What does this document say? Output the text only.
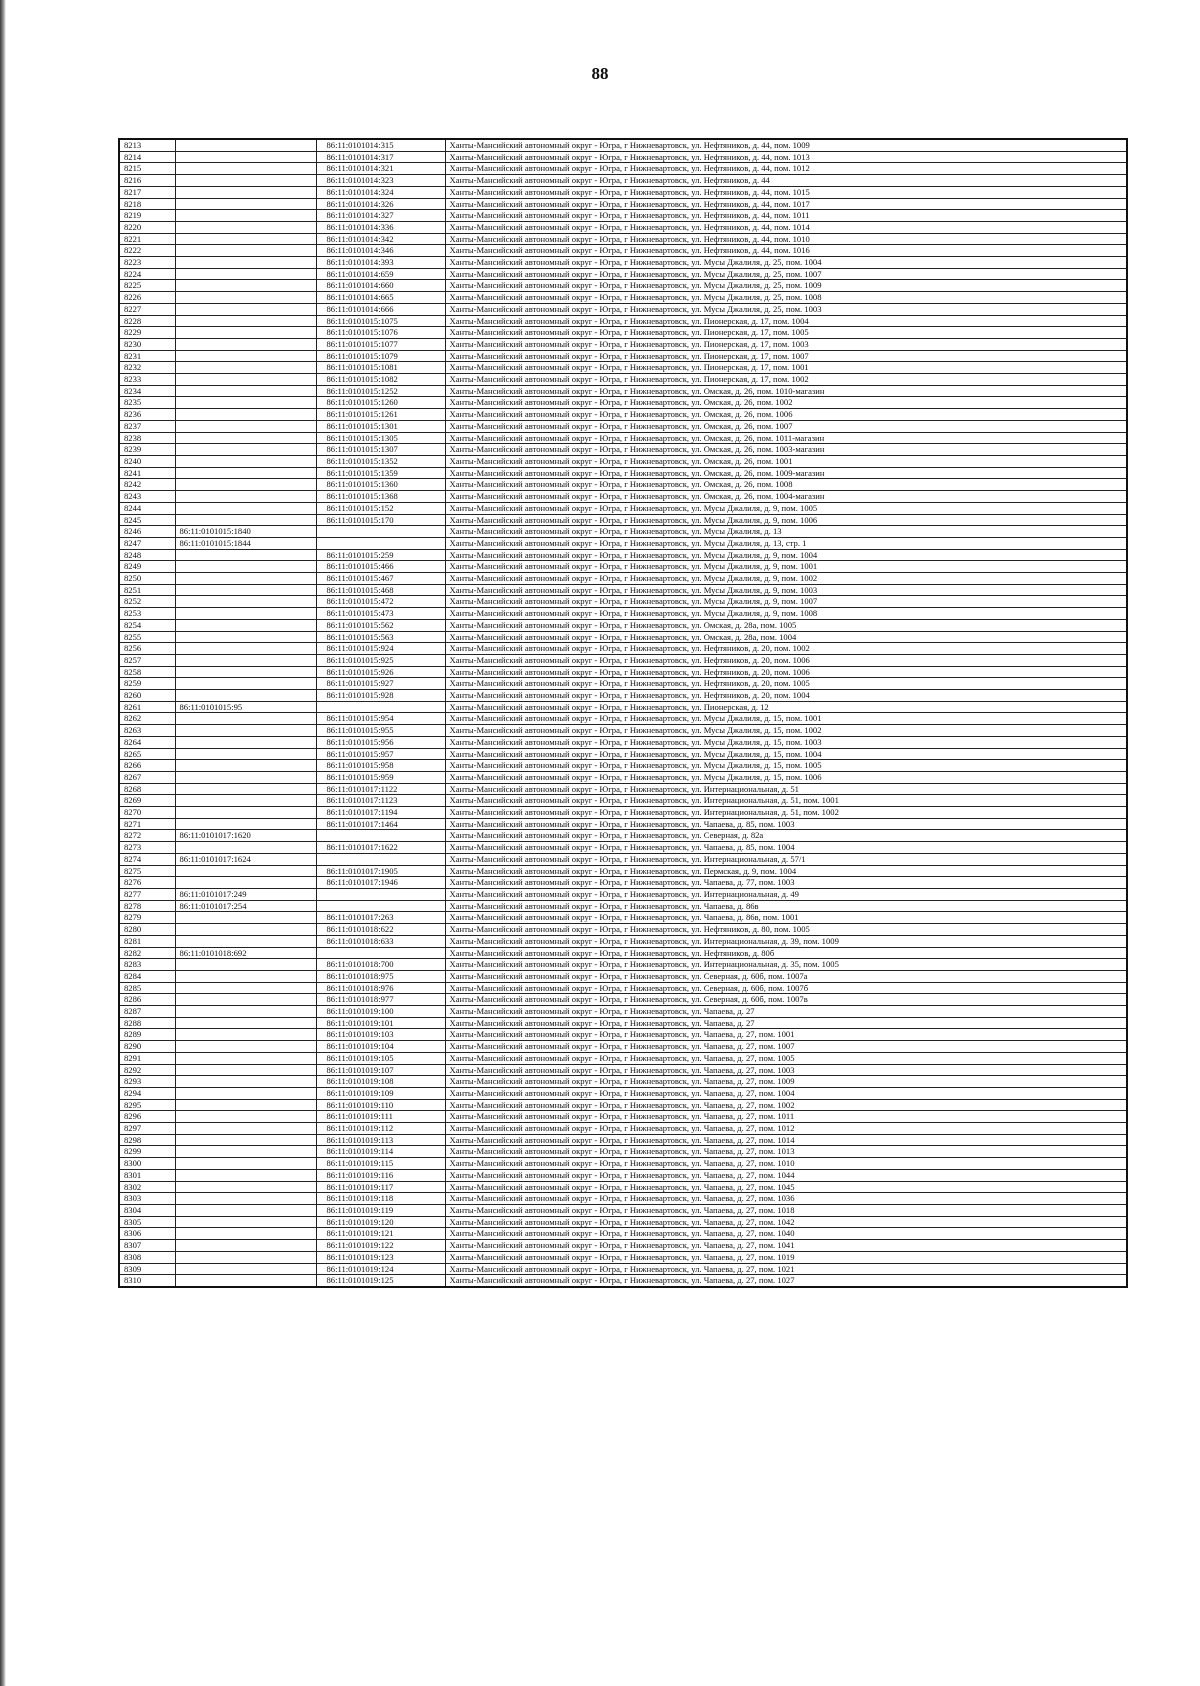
88
8213		86:11:0101014:315	Ханты-Мансийский автономный округ - Югра, г Нижневартовск, ул. Нефтяников, д. 44, пом. 1009
8214		86:11:0101014:317	Ханты-Мансийский автономный округ - Югра, г Нижневартовск, ул. Нефтяников, д. 44, пом. 1013
8215		86:11:0101014:321	Ханты-Мансийский автономный округ - Югра, г Нижневартовск, ул. Нефтяников, д. 44, пом. 1012
8216		86:11:0101014:323	Ханты-Мансийский автономный округ - Югра, г Нижневартовск, ул. Нефтяников, д. 44
8217		86:11:0101014:324	Ханты-Мансийский автономный округ - Югра, г Нижневартовск, ул. Нефтяников, д. 44, пом. 1015
8218		86:11:0101014:326	Ханты-Мансийский автономный округ - Югра, г Нижневартовск, ул. Нефтяников, д. 44, пом. 1017
8219		86:11:0101014:327	Ханты-Мансийский автономный округ - Югра, г Нижневартовск, ул. Нефтяников, д. 44, пом. 1011
8220		86:11:0101014:336	Ханты-Мансийский автономный округ - Югра, г Нижневартовск, ул. Нефтяников, д. 44, пом. 1014
8221		86:11:0101014:342	Ханты-Мансийский автономный округ - Югра, г Нижневартовск, ул. Нефтяников, д. 44, пом. 1010
8222		86:11:0101014:346	Ханты-Мансийский автономный округ - Югра, г Нижневартовск, ул. Нефтяников, д. 44, пом. 1016
8223		86:11:0101014:393	Ханты-Мансийский автономный округ - Югра, г Нижневартовск, ул. Мусы Джалиля, д. 25, пом. 1004
8224		86:11:0101014:659	Ханты-Мансийский автономный округ - Югра, г Нижневартовск, ул. Мусы Джалиля, д. 25, пом. 1007
8225		86:11:0101014:660	Ханты-Мансийский автономный округ - Югра, г Нижневартовск, ул. Мусы Джалиля, д. 25, пом. 1009
8226		86:11:0101014:665	Ханты-Мансийский автономный округ - Югра, г Нижневартовск, ул. Мусы Джалиля, д. 25, пом. 1008
8227		86:11:0101014:666	Ханты-Мансийский автономный округ - Югра, г Нижневартовск, ул. Мусы Джалиля, д. 25, пом. 1003
8228		86:11:0101015:1075	Ханты-Мансийский автономный округ - Югра, г Нижневартовск, ул. Пионерская, д. 17, пом. 1004
8229		86:11:0101015:1076	Ханты-Мансийский автономный округ - Югра, г Нижневартовск, ул. Пионерская, д. 17, пом. 1005
8230		86:11:0101015:1077	Ханты-Мансийский автономный округ - Югра, г Нижневартовск, ул. Пионерская, д. 17, пом. 1003
8231		86:11:0101015:1079	Ханты-Мансийский автономный округ - Югра, г Нижневартовск, ул. Пионерская, д. 17, пом. 1007
8232		86:11:0101015:1081	Ханты-Мансийский автономный округ - Югра, г Нижневартовск, ул. Пионерская, д. 17, пом. 1001
8233		86:11:0101015:1082	Ханты-Мансийский автономный округ - Югра, г Нижневартовск, ул. Пионерская, д. 17, пом. 1002
8234		86:11:0101015:1252	Ханты-Мансийский автономный округ - Югра, г Нижневартовск, ул. Омская, д. 26, пом. 1010-магазин
8235		86:11:0101015:1260	Ханты-Мансийский автономный округ - Югра, г Нижневартовск, ул. Омская, д. 26, пом. 1002
8236		86:11:0101015:1261	Ханты-Мансийский автономный округ - Югра, г Нижневартовск, ул. Омская, д. 26, пом. 1006
8237		86:11:0101015:1301	Ханты-Мансийский автономный округ - Югра, г Нижневартовск, ул. Омская, д. 26, пом. 1007
8238		86:11:0101015:1305	Ханты-Мансийский автономный округ - Югра, г Нижневартовск, ул. Омская, д. 26, пом. 1011-магазин
8239		86:11:0101015:1307	Ханты-Мансийский автономный округ - Югра, г Нижневартовск, ул. Омская, д. 26, пом. 1003-магазин
8240		86:11:0101015:1352	Ханты-Мансийский автономный округ - Югра, г Нижневартовск, ул. Омская, д. 26, пом. 1001
8241		86:11:0101015:1359	Ханты-Мансийский автономный округ - Югра, г Нижневартовск, ул. Омская, д. 26, пом. 1009-магазин
8242		86:11:0101015:1360	Ханты-Мансийский автономный округ - Югра, г Нижневартовск, ул. Омская, д. 26, пом. 1008
8243		86:11:0101015:1368	Ханты-Мансийский автономный округ - Югра, г Нижневартовск, ул. Омская, д. 26, пом. 1004-магазин
8244		86:11:0101015:152	Ханты-Мансийский автономный округ - Югра, г Нижневартовск, ул. Мусы Джалиля, д. 9, пом. 1005
8245		86:11:0101015:170	Ханты-Мансийский автономный округ - Югра, г Нижневартовск, ул. Мусы Джалиля, д. 9, пом. 1006
8246	86:11:0101015:1840		Ханты-Мансийский автономный округ - Югра, г Нижневартовск, ул. Мусы Джалиля, д. 13
8247	86:11:0101015:1844		Ханты-Мансийский автономный округ - Югра, г Нижневартовск, ул. Мусы Джалиля, д. 13, стр. 1
8248		86:11:0101015:259	Ханты-Мансийский автономный округ - Югра, г Нижневартовск, ул. Мусы Джалиля, д. 9, пом. 1004
8249		86:11:0101015:466	Ханты-Мансийский автономный округ - Югра, г Нижневартовск, ул. Мусы Джалиля, д. 9, пом. 1001
8250		86:11:0101015:467	Ханты-Мансийский автономный округ - Югра, г Нижневартовск, ул. Мусы Джалиля, д. 9, пом. 1002
8251		86:11:0101015:468	Ханты-Мансийский автономный округ - Югра, г Нижневартовск, ул. Мусы Джалиля, д. 9, пом. 1003
8252		86:11:0101015:472	Ханты-Мансийский автономный округ - Югра, г Нижневартовск, ул. Мусы Джалиля, д. 9, пом. 1007
8253		86:11:0101015:473	Ханты-Мансийский автономный округ - Югра, г Нижневартовск, ул. Мусы Джалиля, д. 9, пом. 1008
8254		86:11:0101015:562	Ханты-Мансийский автономный округ - Югра, г Нижневартовск, ул. Омская, д. 28а, пом. 1005
8255		86:11:0101015:563	Ханты-Мансийский автономный округ - Югра, г Нижневартовск, ул. Омская, д. 28а, пом. 1004
8256		86:11:0101015:924	Ханты-Мансийский автономный округ - Югра, г Нижневартовск, ул. Нефтяников, д. 20, пом. 1002
8257		86:11:0101015:925	Ханты-Мансийский автономный округ - Югра, г Нижневартовск, ул. Нефтяников, д. 20, пом. 1006
8258		86:11:0101015:926	Ханты-Мансийский автономный округ - Югра, г Нижневартовск, ул. Нефтяников, д. 20, пом. 1006
8259		86:11:0101015:927	Ханты-Мансийский автономный округ - Югра, г Нижневартовск, ул. Нефтяников, д. 20, пом. 1005
8260		86:11:0101015:928	Ханты-Мансийский автономный округ - Югра, г Нижневартовск, ул. Нефтяников, д. 20, пом. 1004
8261	86:11:0101015:95		Ханты-Мансийский автономный округ - Югра, г Нижневартовск, ул. Пионерская, д. 12
8262		86:11:0101015:954	Ханты-Мансийский автономный округ - Югра, г Нижневартовск, ул. Мусы Джалиля, д. 15, пом. 1001
8263		86:11:0101015:955	Ханты-Мансийский автономный округ - Югра, г Нижневартовск, ул. Мусы Джалиля, д. 15, пом. 1002
8264		86:11:0101015:956	Ханты-Мансийский автономный округ - Югра, г Нижневартовск, ул. Мусы Джалиля, д. 15, пом. 1003
8265		86:11:0101015:957	Ханты-Мансийский автономный округ - Югра, г Нижневартовск, ул. Мусы Джалиля, д. 15, пом. 1004
8266		86:11:0101015:958	Ханты-Мансийский автономный округ - Югра, г Нижневартовск, ул. Мусы Джалиля, д. 15, пом. 1005
8267		86:11:0101015:959	Ханты-Мансийский автономный округ - Югра, г Нижневартовск, ул. Мусы Джалиля, д. 15, пом. 1006
8268		86:11:0101017:1122	Ханты-Мансийский автономный округ - Югра, г Нижневартовск, ул. Интернациональная, д. 51
8269		86:11:0101017:1123	Ханты-Мансийский автономный округ - Югра, г Нижневартовск, ул. Интернациональная, д. 51, пом. 1001
8270		86:11:0101017:1194	Ханты-Мансийский автономный округ - Югра, г Нижневартовск, ул. Интернациональная, д. 51, пом. 1002
8271		86:11:0101017:1464	Ханты-Мансийский автономный округ - Югра, г Нижневартовск, ул. Чапаева, д. 85, пом. 1003
8272	86:11:0101017:1620		Ханты-Мансийский автономный округ - Югра, г Нижневартовск, ул. Северная, д. 82а
8273		86:11:0101017:1622	Ханты-Мансийский автономный округ - Югра, г Нижневартовск, ул. Чапаева, д. 85, пом. 1004
8274	86:11:0101017:1624		Ханты-Мансийский автономный округ - Югра, г Нижневартовск, ул. Интернациональная, д. 57/1
8275		86:11:0101017:1905	Ханты-Мансийский автономный округ - Югра, г Нижневартовск, ул. Пермская, д. 9, пом. 1004
8276		86:11:0101017:1946	Ханты-Мансийский автономный округ - Югра, г Нижневартовск, ул. Чапаева, д. 77, пом. 1003
8277	86:11:0101017:249		Ханты-Мансийский автономный округ - Югра, г Нижневартовск, ул. Интернациональная, д. 49
8278	86:11:0101017:254		Ханты-Мансийский автономный округ - Югра, г Нижневартовск, ул. Чапаева, д. 86в
8279		86:11:0101017:263	Ханты-Мансийский автономный округ - Югра, г Нижневартовск, ул. Чапаева, д. 86в, пом. 1001
8280		86:11:0101018:622	Ханты-Мансийский автономный округ - Югра, г Нижневартовск, ул. Нефтяников, д. 80, пом. 1005
8281		86:11:0101018:633	Ханты-Мансийский автономный округ - Югра, г Нижневартовск, ул. Интернациональная, д. 39, пом. 1009
8282	86:11:0101018:692		Ханты-Мансийский автономный округ - Югра, г Нижневартовск, ул. Нефтяников, д. 80б
8283		86:11:0101018:700	Ханты-Мансийский автономный округ - Югра, г Нижневартовск, ул. Интернациональная, д. 35, пом. 1005
8284		86:11:0101018:975	Ханты-Мансийский автономный округ - Югра, г Нижневартовск, ул. Северная, д. 60б, пом. 1007а
8285		86:11:0101018:976	Ханты-Мансийский автономный округ - Югра, г Нижневартовск, ул. Северная, д. 60б, пом. 1007б
8286		86:11:0101018:977	Ханты-Мансийский автономный округ - Югра, г Нижневартовск, ул. Северная, д. 60б, пом. 1007в
8287		86:11:0101019:100	Ханты-Мансийский автономный округ - Югра, г Нижневартовск, ул. Чапаева, д. 27
8288		86:11:0101019:101	Ханты-Мансийский автономный округ - Югра, г Нижневартовск, ул. Чапаева, д. 27
8289		86:11:0101019:103	Ханты-Мансийский автономный округ - Югра, г Нижневартовск, ул. Чапаева, д. 27, пом. 1001
8290		86:11:0101019:104	Ханты-Мансийский автономный округ - Югра, г Нижневартовск, ул. Чапаева, д. 27, пом. 1007
8291		86:11:0101019:105	Ханты-Мансийский автономный округ - Югра, г Нижневартовск, ул. Чапаева, д. 27, пом. 1005
8292		86:11:0101019:107	Ханты-Мансийский автономный округ - Югра, г Нижневартовск, ул. Чапаева, д. 27, пом. 1003
8293		86:11:0101019:108	Ханты-Мансийский автономный округ - Югра, г Нижневартовск, ул. Чапаева, д. 27, пом. 1009
8294		86:11:0101019:109	Ханты-Мансийский автономный округ - Югра, г Нижневартовск, ул. Чапаева, д. 27, пом. 1004
8295		86:11:0101019:110	Ханты-Мансийский автономный округ - Югра, г Нижневартовск, ул. Чапаева, д. 27, пом. 1002
8296		86:11:0101019:111	Ханты-Мансийский автономный округ - Югра, г Нижневартовск, ул. Чапаева, д. 27, пом. 1011
8297		86:11:0101019:112	Ханты-Мансийский автономный округ - Югра, г Нижневартовск, ул. Чапаева, д. 27, пом. 1012
8298		86:11:0101019:113	Ханты-Мансийский автономный округ - Югра, г Нижневартовск, ул. Чапаева, д. 27, пом. 1014
8299		86:11:0101019:114	Ханты-Мансийский автономный округ - Югра, г Нижневартовск, ул. Чапаева, д. 27, пом. 1013
8300		86:11:0101019:115	Ханты-Мансийский автономный округ - Югра, г Нижневартовск, ул. Чапаева, д. 27, пом. 1010
8301		86:11:0101019:116	Ханты-Мансийский автономный округ - Югра, г Нижневартовск, ул. Чапаева, д. 27, пом. 1044
8302		86:11:0101019:117	Ханты-Мансийский автономный округ - Югра, г Нижневартовск, ул. Чапаева, д. 27, пом. 1045
8303		86:11:0101019:118	Ханты-Мансийский автономный округ - Югра, г Нижневартовск, ул. Чапаева, д. 27, пом. 1036
8304		86:11:0101019:119	Ханты-Мансийский автономный округ - Югра, г Нижневартовск, ул. Чапаева, д. 27, пом. 1018
8305		86:11:0101019:120	Ханты-Мансийский автономный округ - Югра, г Нижневартовск, ул. Чапаева, д. 27, пом. 1042
8306		86:11:0101019:121	Ханты-Мансийский автономный округ - Югра, г Нижневартовск, ул. Чапаева, д. 27, пом. 1040
8307		86:11:0101019:122	Ханты-Мансийский автономный округ - Югра, г Нижневартовск, ул. Чапаева, д. 27, пом. 1041
8308		86:11:0101019:123	Ханты-Мансийский автономный округ - Югра, г Нижневартовск, ул. Чапаева, д. 27, пом. 1019
8309		86:11:0101019:124	Ханты-Мансийский автономный округ - Югра, г Нижневартовск, ул. Чапаева, д. 27, пом. 1021
8310		86:11:0101019:125	Ханты-Мансийский автономный округ - Югра, г Нижневартовск, ул. Чапаева, д. 27, пом. 1027
